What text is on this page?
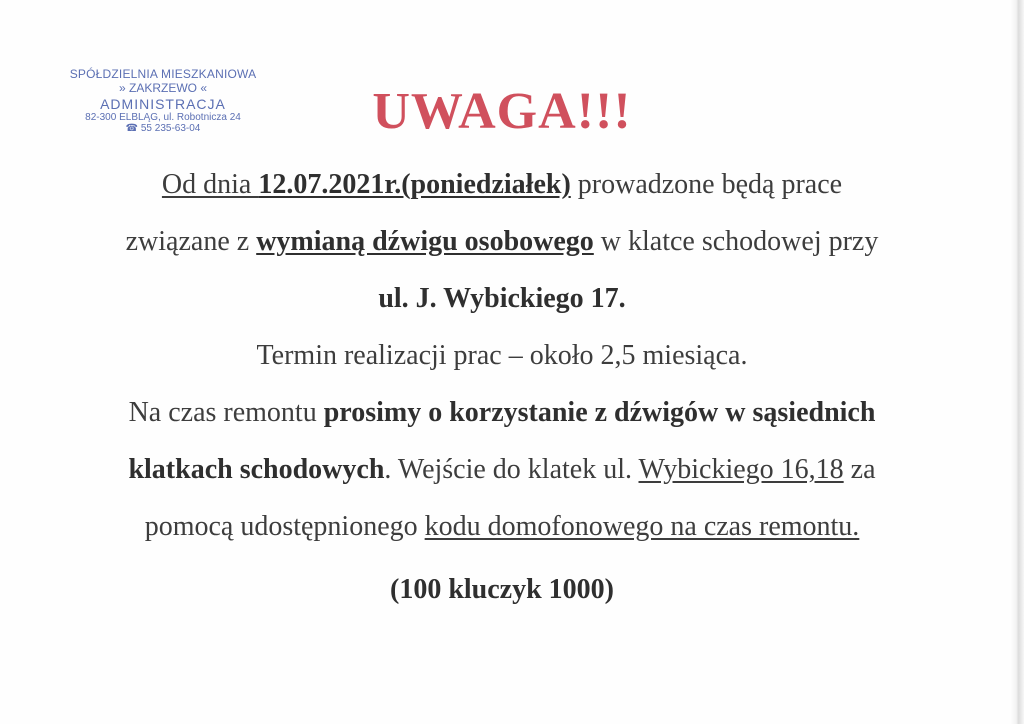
SPÓŁDZIELNIA MIESZKANIOWA
» ZAKRZEWO «
ADMINISTRACJA
82-300 ELBLĄG, ul. Robotnicza 24
☎ 55 235-63-04	UWAGA!!!
Od dnia 12.07.2021r.(poniedziałek) prowadzone będą prace
związane z wymianą dźwigu osobowego w klatce schodowej przy
ul. J. Wybickiego 17.
Termin realizacji prac – około 2,5 miesiąca.
Na czas remontu prosimy o korzystanie z dźwigów w sąsiednich
klatkach schodowych. Wejście do klatek ul. Wybickiego 16,18 za
pomocą udostępnionego kodu domofonowego na czas remontu.
(100 kluczyk 1000)
